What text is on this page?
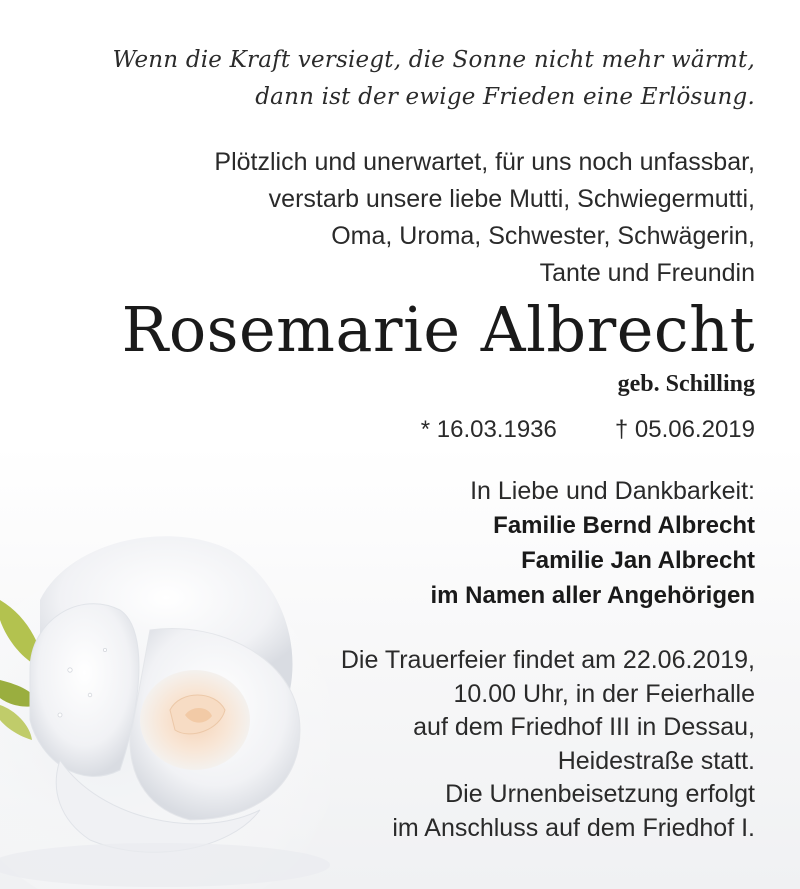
Wenn die Kraft versiegt, die Sonne nicht mehr wärmt,
dann ist der ewige Frieden eine Erlösung.
Plötzlich und unerwartet, für uns noch unfassbar,
verstarb unsere liebe Mutti, Schwiegermutti,
Oma, Uroma, Schwester, Schwägerin,
Tante und Freundin
Rosemarie Albrecht
geb. Schilling
* 16.03.1936 † 05.06.2019
In Liebe und Dankbarkeit:
Familie Bernd Albrecht
Familie Jan Albrecht
im Namen aller Angehörigen
Die Trauerfeier findet am 22.06.2019,
10.00 Uhr, in der Feierhalle
auf dem Friedhof III in Dessau,
Heidestraße statt.
Die Urnenbeisetzung erfolgt
im Anschluss auf dem Friedhof I.
